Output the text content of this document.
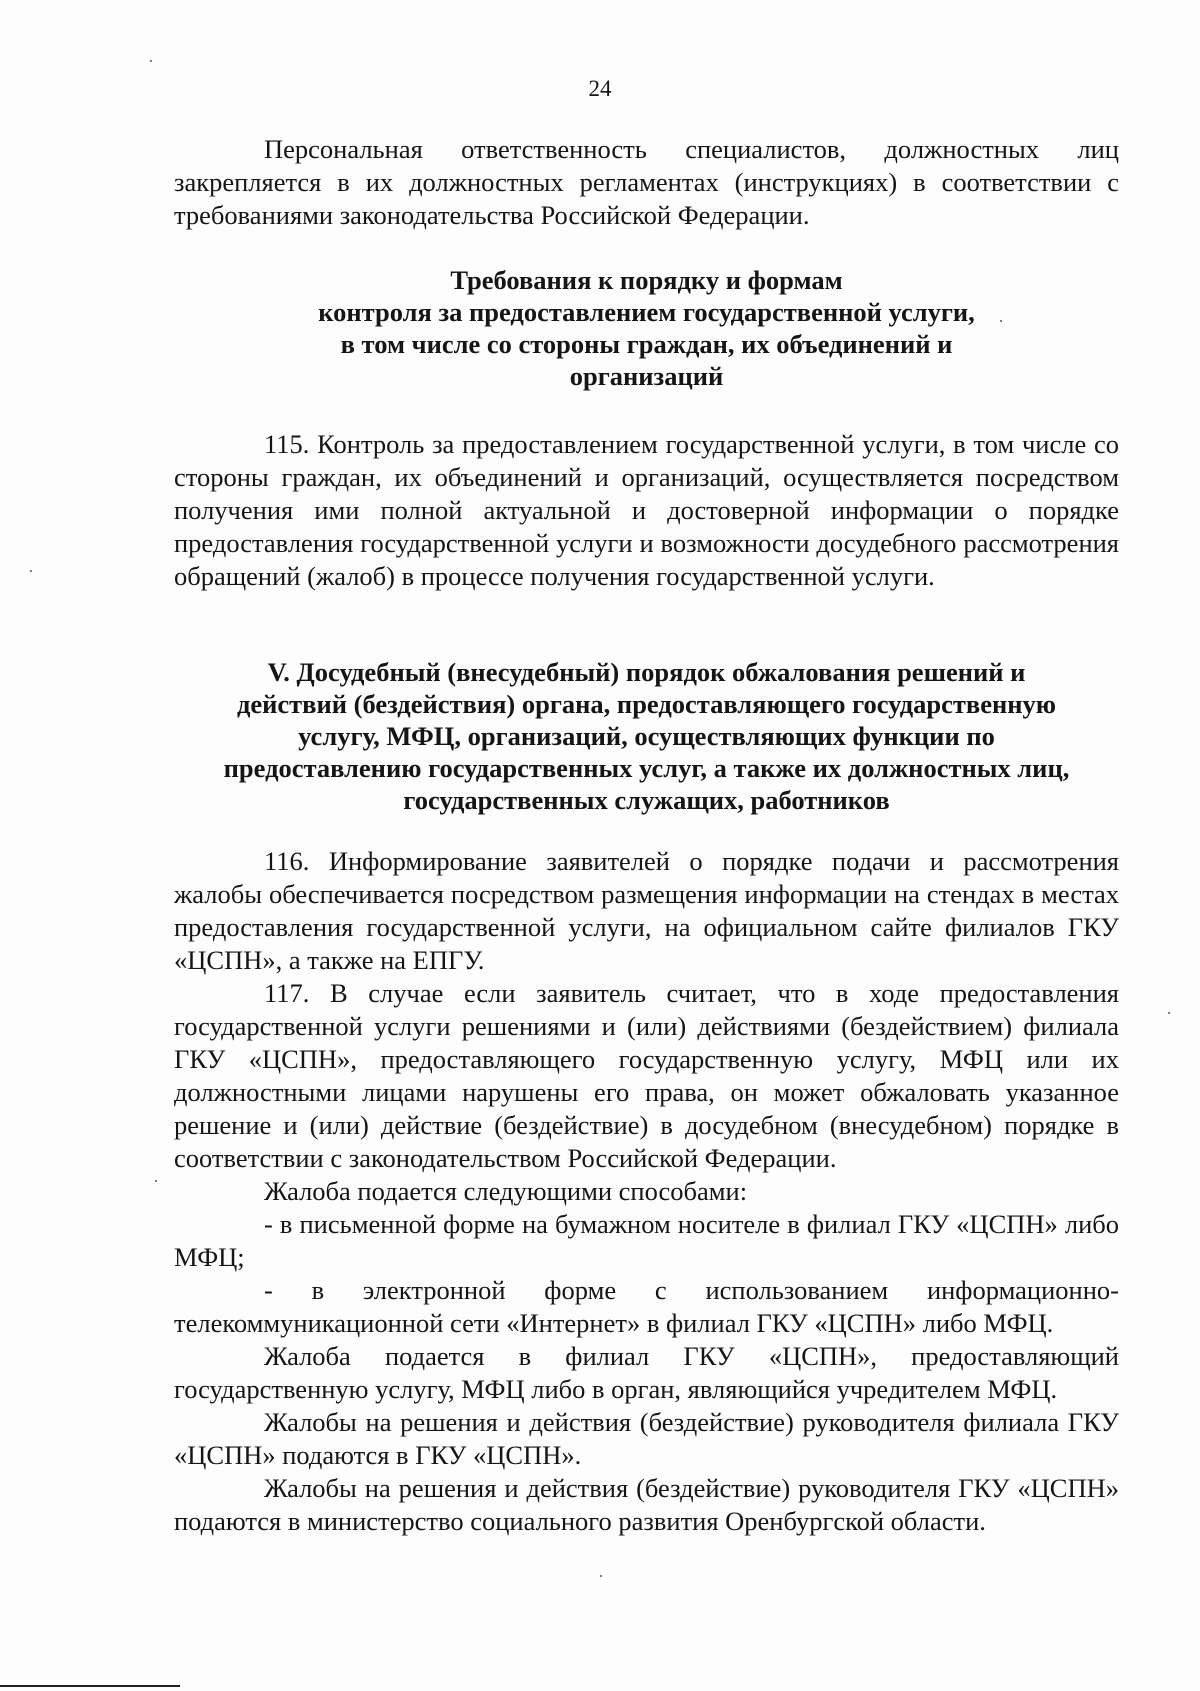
24

Персональная ответственность специалистов, должностных лиц закрепляется в их должностных регламентах (инструкциях) в соответствии с требованиями законодательства Российской Федерации.

Требования к порядку и формам
контроля за предоставлением государственной услуги,
в том числе со стороны граждан, их объединений и
организаций

115. Контроль за предоставлением государственной услуги, в том числе со стороны граждан, их объединений и организаций, осуществляется посредством получения ими полной актуальной и достоверной информации о порядке предоставления государственной услуги и возможности досудебного рассмотрения обращений (жалоб) в процессе получения государственной услуги.

V. Досудебный (внесудебный) порядок обжалования решений и
действий (бездействия) органа, предоставляющего государственную
услугу, МФЦ, организаций, осуществляющих функции по
предоставлению государственных услуг, а также их должностных лиц,
государственных служащих, работников

116. Информирование заявителей о порядке подачи и рассмотрения жалобы обеспечивается посредством размещения информации на стендах в местах предоставления государственной услуги, на официальном сайте филиалов ГКУ «ЦСПН», а также на ЕПГУ.

117. В случае если заявитель считает, что в ходе предоставления государственной услуги решениями и (или) действиями (бездействием) филиала ГКУ «ЦСПН», предоставляющего государственную услугу, МФЦ или их должностными лицами нарушены его права, он может обжаловать указанное решение и (или) действие (бездействие) в досудебном (внесудебном) порядке в соответствии с законодательством Российской Федерации.

Жалоба подается следующими способами:

- в письменной форме на бумажном носителе в филиал ГКУ «ЦСПН» либо МФЦ;

- в электронной форме с использованием информационно-

телекоммуникационной сети «Интернет» в филиал ГКУ «ЦСПН» либо МФЦ.

Жалоба подается в филиал ГКУ «ЦСПН», предоставляющий государственную услугу, МФЦ либо в орган, являющийся учредителем МФЦ.

Жалобы на решения и действия (бездействие) руководителя филиала ГКУ «ЦСПН» подаются в ГКУ «ЦСПН».

Жалобы на решения и действия (бездействие) руководителя ГКУ «ЦСПН» подаются в министерство социального развития Оренбургской области.
